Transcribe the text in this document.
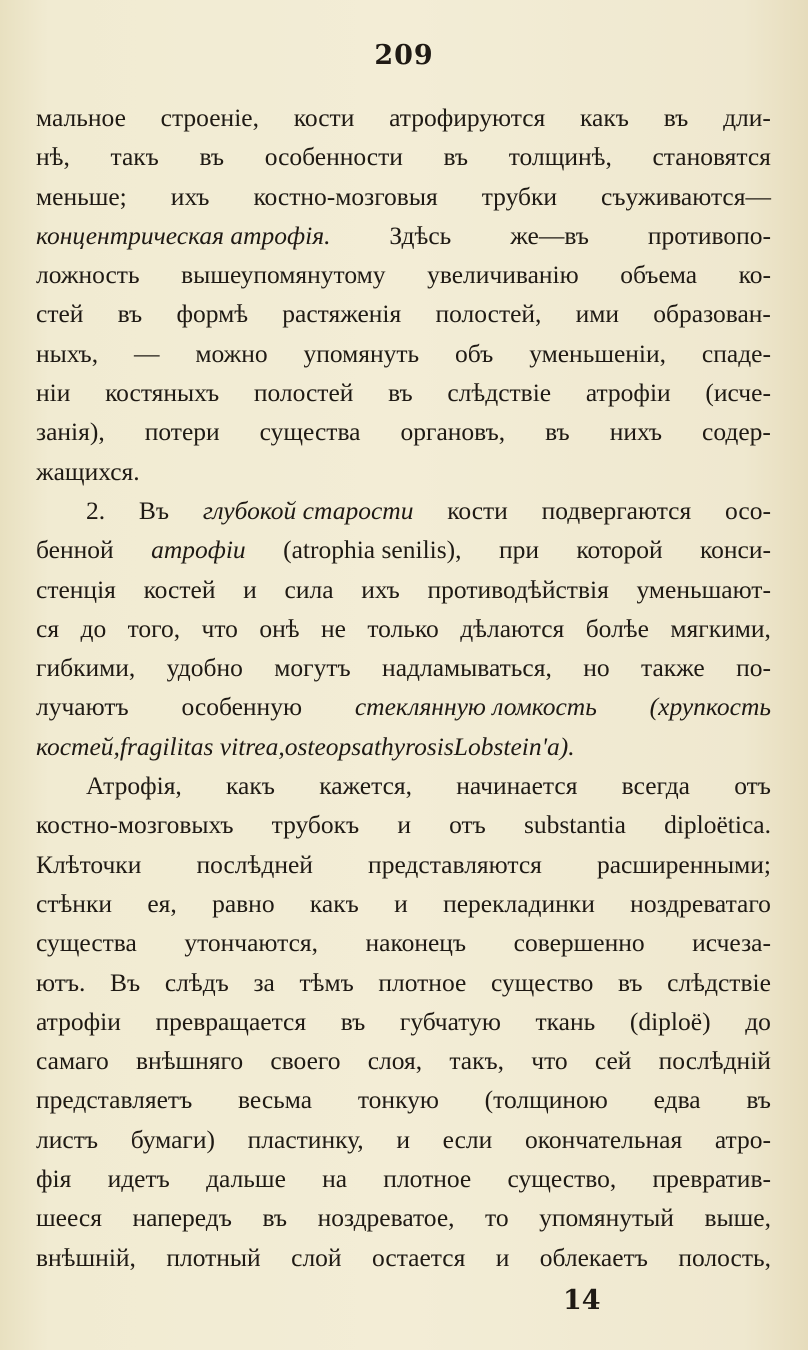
209
мальное строеніе, кости атрофируются какъ въ дли-
нѣ, такъ въ особенности въ толщинѣ, становятся
меньше; ихъ костно-мозговыя трубки съуживаются—
концентрическая атрофія. Здѣсь же—въ противопо-
ложность вышеупомянутому увеличиванію объема ко-
стей въ формѣ растяженія полостей, ими образован-
ныхъ, — можно упомянуть объ уменьшеніи, спаде-
ніи костяныхъ полостей въ слѣдствіе атрофіи (исче-
занія), потери существа органовъ, въ нихъ содер-
жащихся.
2. Въ глубокой старости кости подвергаются осо-
бенной атрофіи (atrophia senilis), при которой конси-
стенція костей и сила ихъ противодѣйствія уменьшают-
ся до того, что онѣ не только дѣлаются болѣе мягкими,
гибкими, удобно могутъ надламываться, но также по-
лучаютъ особенную стеклянную ломкость (хрупкость
костей, fragilitas vitrea, osteopsathyrosis Lobstein'a).
Атрофія, какъ кажется, начинается всегда отъ
костно-мозговыхъ трубокъ и отъ substantia diploëtica.
Клѣточки послѣдней представляются расширенными;
стѣнки ея, равно какъ и перекладинки ноздреватаго
существа утончаются, наконецъ совершенно исчеза-
ютъ. Въ слѣдъ за тѣмъ плотное существо въ слѣдствіе
атрофіи превращается въ губчатую ткань (diploë) до
самаго внѣшняго своего слоя, такъ, что сей послѣдній
представляетъ весьма тонкую (толщиною едва въ
листъ бумаги) пластинку, и если окончательная атро-
фія идетъ дальше на плотное существо, превратив-
шееся напередъ въ ноздреватое, то упомянутый выше,
внѣшній, плотный слой остается и облекаетъ полость,
14
